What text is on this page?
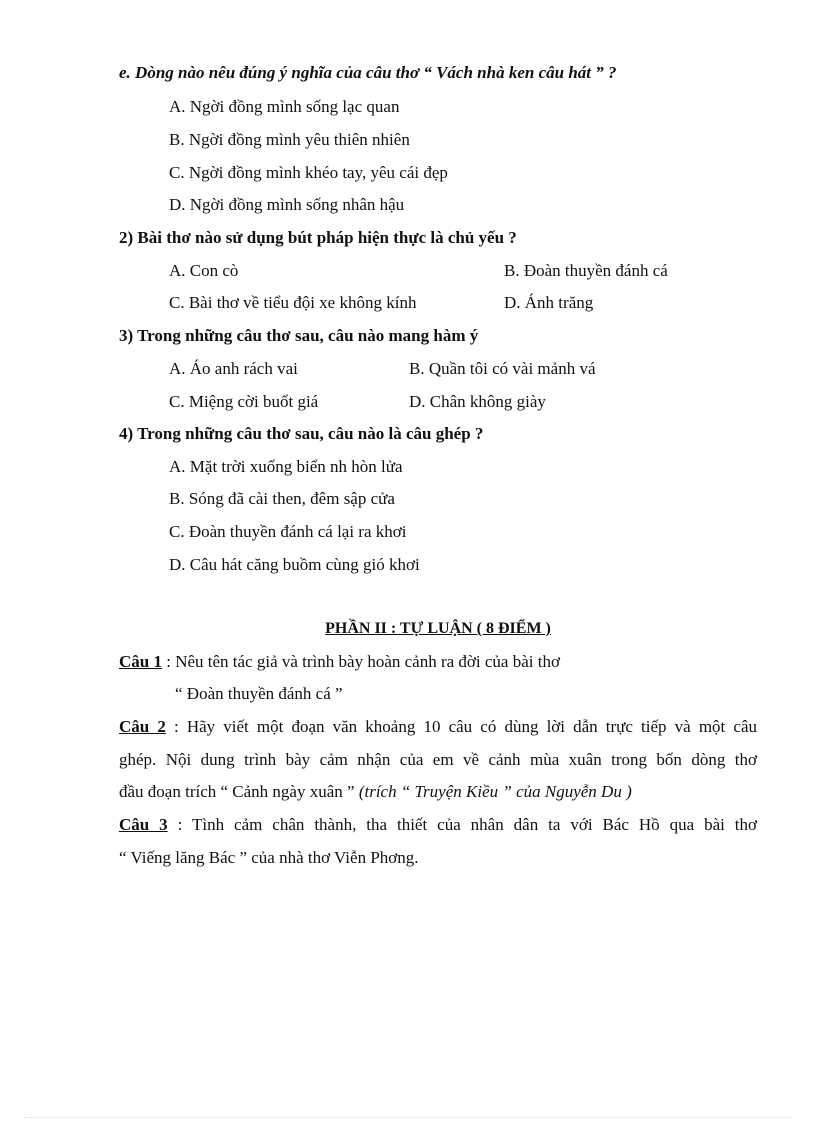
e. Dòng nào nêu đúng ý nghĩa của câu thơ “ Vách nhà ken câu hát ” ?
A. Ngời đồng mình sống lạc quan
B. Ngời đồng mình yêu thiên nhiên
C. Ngời đồng mình khéo tay, yêu cái đẹp
D. Ngời đồng mình sống nhân hậu
2) Bài thơ nào sử dụng bút pháp hiện thực là chủ yếu ?
A. Con cò	B. Đoàn thuyền đánh cá
C. Bài thơ về tiểu đội xe không kính	D. Ánh trăng
3) Trong những câu thơ sau, câu nào mang hàm ý
A. Áo anh rách vai	B. Quần tôi có vài mảnh vá
C. Miệng cời buốt giá	D. Chân không giày
4) Trong những câu thơ sau, câu nào là câu ghép ?
A. Mặt trời xuống biển nh hòn lửa
B. Sóng đã cài then, đêm sập cửa
C. Đoàn thuyền đánh cá lại ra khơi
D. Câu hát căng buồm cùng gió khơi
PHẦN II : TỰ LUẬN ( 8 ĐIỂM )
Câu 1 : Nêu tên tác giả và trình bày hoàn cảnh ra đời của bài thơ
“ Đoàn thuyền đánh cá ”
Câu 2 : Hãy viết một đoạn văn khoảng 10 câu có dùng lời dẫn trực tiếp và một câu
ghép. Nội dung trình bày cảm nhận của em về cảnh mùa xuân trong bốn dòng thơ
đầu đoạn trích “ Cảnh ngày xuân ” (trích “ Truyện Kiều ” của Nguyễn Du )
Câu 3 : Tình cảm chân thành, tha thiết của nhân dân ta với Bác Hồ qua bài thơ
“ Viếng lăng Bác ” của nhà thơ Viễn Phơng.
